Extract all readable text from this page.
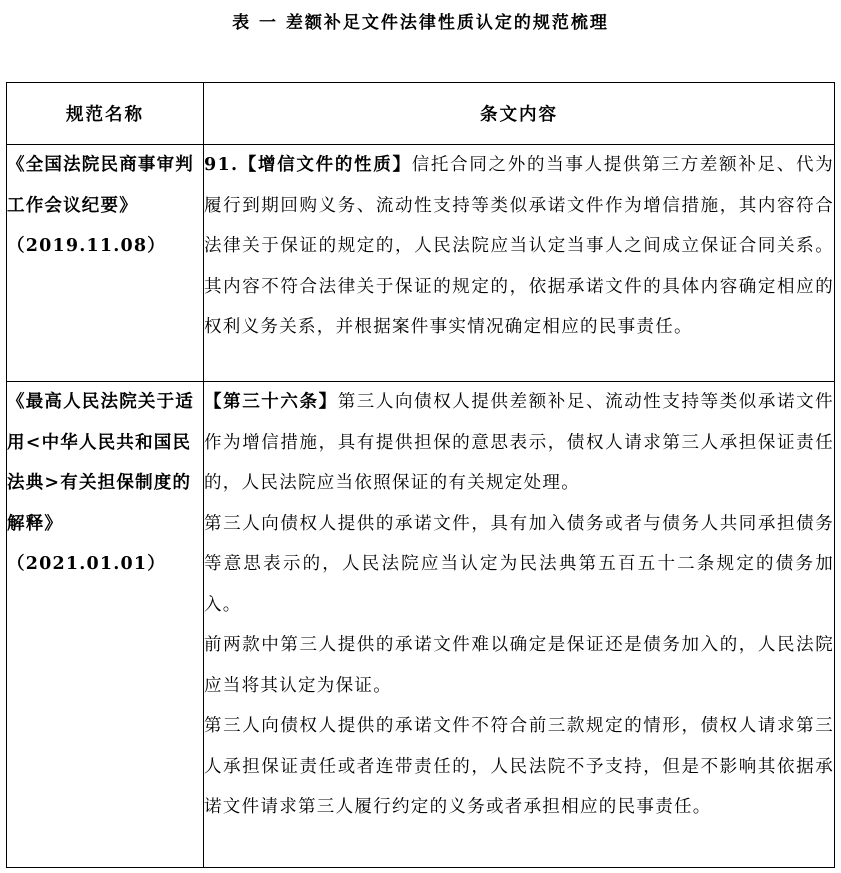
表 一 差额补足文件法律性质认定的规范梳理
规范名称	条文内容
《全国法院民商事审判工作会议纪要》（2019.11.08）	91.【增信文件的性质】信托合同之外的当事人提供第三方差额补足、代为履行到期回购义务、流动性支持等类似承诺文件作为增信措施，其内容符合法律关于保证的规定的，人民法院应当认定当事人之间成立保证合同关系。其内容不符合法律关于保证的规定的，依据承诺文件的具体内容确定相应的权利义务关系，并根据案件事实情况确定相应的民事责任。

《最高人民法院关于适用<中华人民共和国民法典>有关担保制度的解释》（2021.01.01）	【第三十六条】第三人向债权人提供差额补足、流动性支持等类似承诺文件作为增信措施，具有提供担保的意思表示，债权人请求第三人承担保证责任的，人民法院应当依照保证的有关规定处理。

第三人向债权人提供的承诺文件，具有加入债务或者与债务人共同承担债务等意思表示的，人民法院应当认定为民法典第五百五十二条规定的债务加入。

前两款中第三人提供的承诺文件难以确定是保证还是债务加入的，人民法院应当将其认定为保证。

第三人向债权人提供的承诺文件不符合前三款规定的情形，债权人请求第三人承担保证责任或者连带责任的，人民法院不予支持，但是不影响其依据承诺文件请求第三人履行约定的义务或者承担相应的民事责任。
